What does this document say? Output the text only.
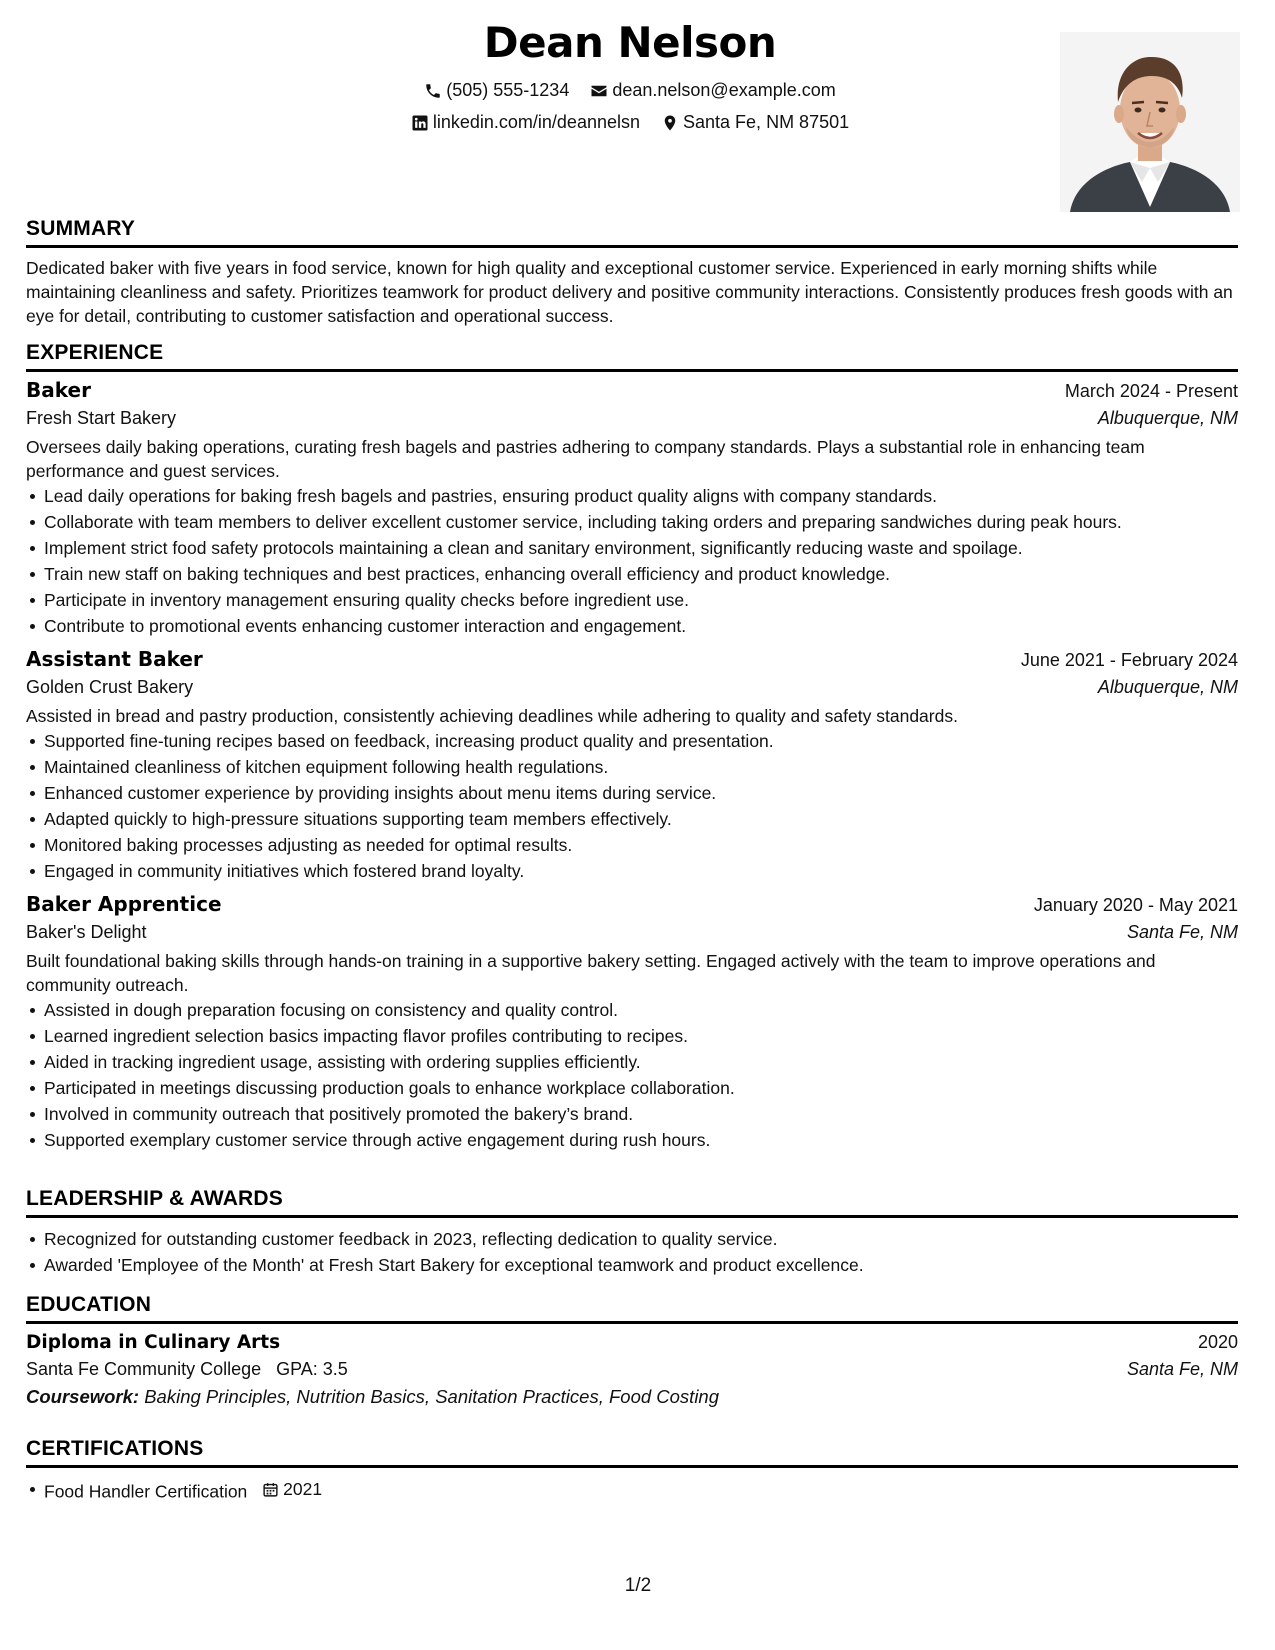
Dean Nelson
(505) 555-1234
dean.nelson@example.com
linkedin.com/in/deannelsn
Santa Fe, NM 87501
SUMMARY

Dedicated baker with five years in food service, known for high quality and exceptional customer service. Experienced in early morning shifts while maintaining cleanliness and safety. Prioritizes teamwork for product delivery and positive community interactions. Consistently produces fresh goods with an eye for detail, contributing to customer satisfaction and operational success.

EXPERIENCE
Baker	March 2024 - Present
Fresh Start Bakery	Albuquerque, NM

Oversees daily baking operations, curating fresh bagels and pastries adhering to company standards. Plays a substantial role in enhancing team performance and guest services.

Lead daily operations for baking fresh bagels and pastries, ensuring product quality aligns with company standards.
Collaborate with team members to deliver excellent customer service, including taking orders and preparing sandwiches during peak hours.
Implement strict food safety protocols maintaining a clean and sanitary environment, significantly reducing waste and spoilage.
Train new staff on baking techniques and best practices, enhancing overall efficiency and product knowledge.
Participate in inventory management ensuring quality checks before ingredient use.
Contribute to promotional events enhancing customer interaction and engagement.
Assistant Baker	June 2021 - February 2024
Golden Crust Bakery	Albuquerque, NM

Assisted in bread and pastry production, consistently achieving deadlines while adhering to quality and safety standards.

Supported fine-tuning recipes based on feedback, increasing product quality and presentation.
Maintained cleanliness of kitchen equipment following health regulations.
Enhanced customer experience by providing insights about menu items during service.
Adapted quickly to high-pressure situations supporting team members effectively.
Monitored baking processes adjusting as needed for optimal results.
Engaged in community initiatives which fostered brand loyalty.
Baker Apprentice	January 2020 - May 2021
Baker's Delight	Santa Fe, NM

Built foundational baking skills through hands-on training in a supportive bakery setting. Engaged actively with the team to improve operations and community outreach.

Assisted in dough preparation focusing on consistency and quality control.
Learned ingredient selection basics impacting flavor profiles contributing to recipes.
Aided in tracking ingredient usage, assisting with ordering supplies efficiently.
Participated in meetings discussing production goals to enhance workplace collaboration.
Involved in community outreach that positively promoted the bakery’s brand.
Supported exemplary customer service through active engagement during rush hours.
LEADERSHIP & AWARDS
Recognized for outstanding customer feedback in 2023, reflecting dedication to quality service.
Awarded 'Employee of the Month' at Fresh Start Bakery for exceptional teamwork and product excellence.
EDUCATION
Diploma in Culinary Arts	2020
Santa Fe Community College   GPA: 3.5	Santa Fe, NM
Coursework: Baking Principles, Nutrition Basics, Sanitation Practices, Food Costing
CERTIFICATIONS
Food Handler Certification 2021
1/2
